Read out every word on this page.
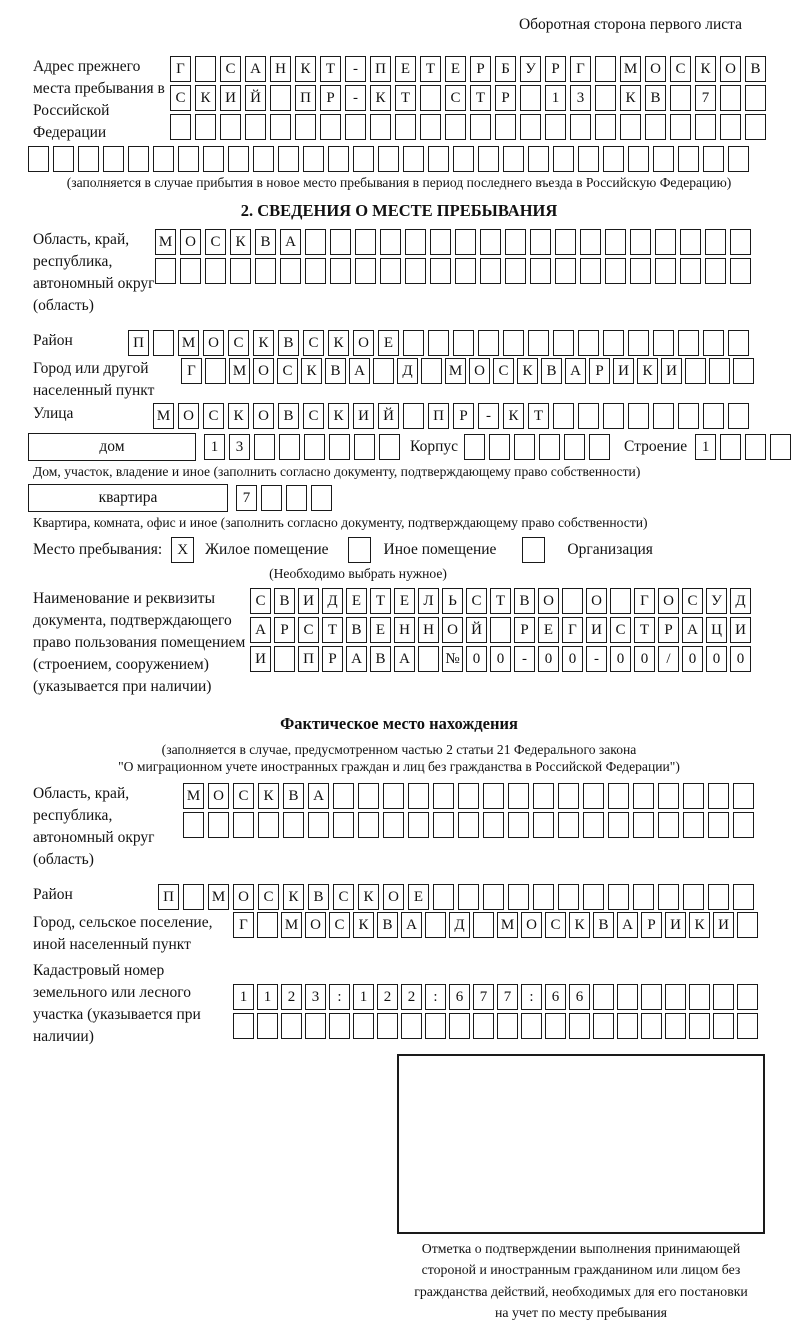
Оборотная сторона первого листа
Адрес прежнего места пребывания в Российской Федерации
Г	С А Н К	Т	-	П Е	Т	Е	Р	Б	У	Р	Г	М О С К О В
С К И Й	П	Р	-	К	Т	С	Т	Р	1	3	К В	7
(заполняется в случае прибытия в новое место пребывания в период последнего въезда в Российскую Федерацию)
2. СВЕДЕНИЯ О МЕСТЕ ПРЕБЫВАНИЯ
Область, край, республика, автономный округ (область)
М О С К В А
Район	П	М О С К В С К О Е
Город или другой населенный пункт
Г	М О С К В А	Д	М О С К В А Р И К И
Улица	М О С К О В С К И Й	П	Р	-	К	Т
дом	1	3	Корпус	Строение 1
Дом, участок, владение и иное (заполнить согласно документу, подтверждающему право собственности)
квартира	7
Квартира, комната, офис и иное (заполнить согласно документу, подтверждающему право собственности)
Место пребывания:	X	Жилое помещение	Иное помещение	Организация
(Необходимо выбрать нужное)
Наименование и реквизиты документа, подтверждающего право пользования помещением (строением, сооружением) (указывается при наличии)
С В И Д Е Т Е Л Ь С Т В О	О	Г О С У Д
А Р С Т В Е Н Н О Й	Р	Е	Г И С Т	Р А Ц И
И	П Р А В А	№ 0	0	-	0	0	-	0	0	/	0	0	0
Фактическое место нахождения
(заполняется в случае, предусмотренном частью 2 статьи 21 Федерального закона
"О миграционном учете иностранных граждан и лиц без гражданства в Российской Федерации")
Область, край, республика, автономный округ (область)
М О С К В А
Район	П	М О С К В С К О Е
Город, сельское поселение, иной населенный пункт
Г	М О С К В А	Д	М О С К В А Р И К И
Кадастровый номер земельного или лесного участка (указывается при наличии)
1	1	2	3	:	1	2	2	:	6	7	7	:	6	6
Отметка о подтверждении выполнения принимающей
стороной и иностранным гражданином или лицом без
гражданства действий, необходимых для его постановки
на учет по месту пребывания
